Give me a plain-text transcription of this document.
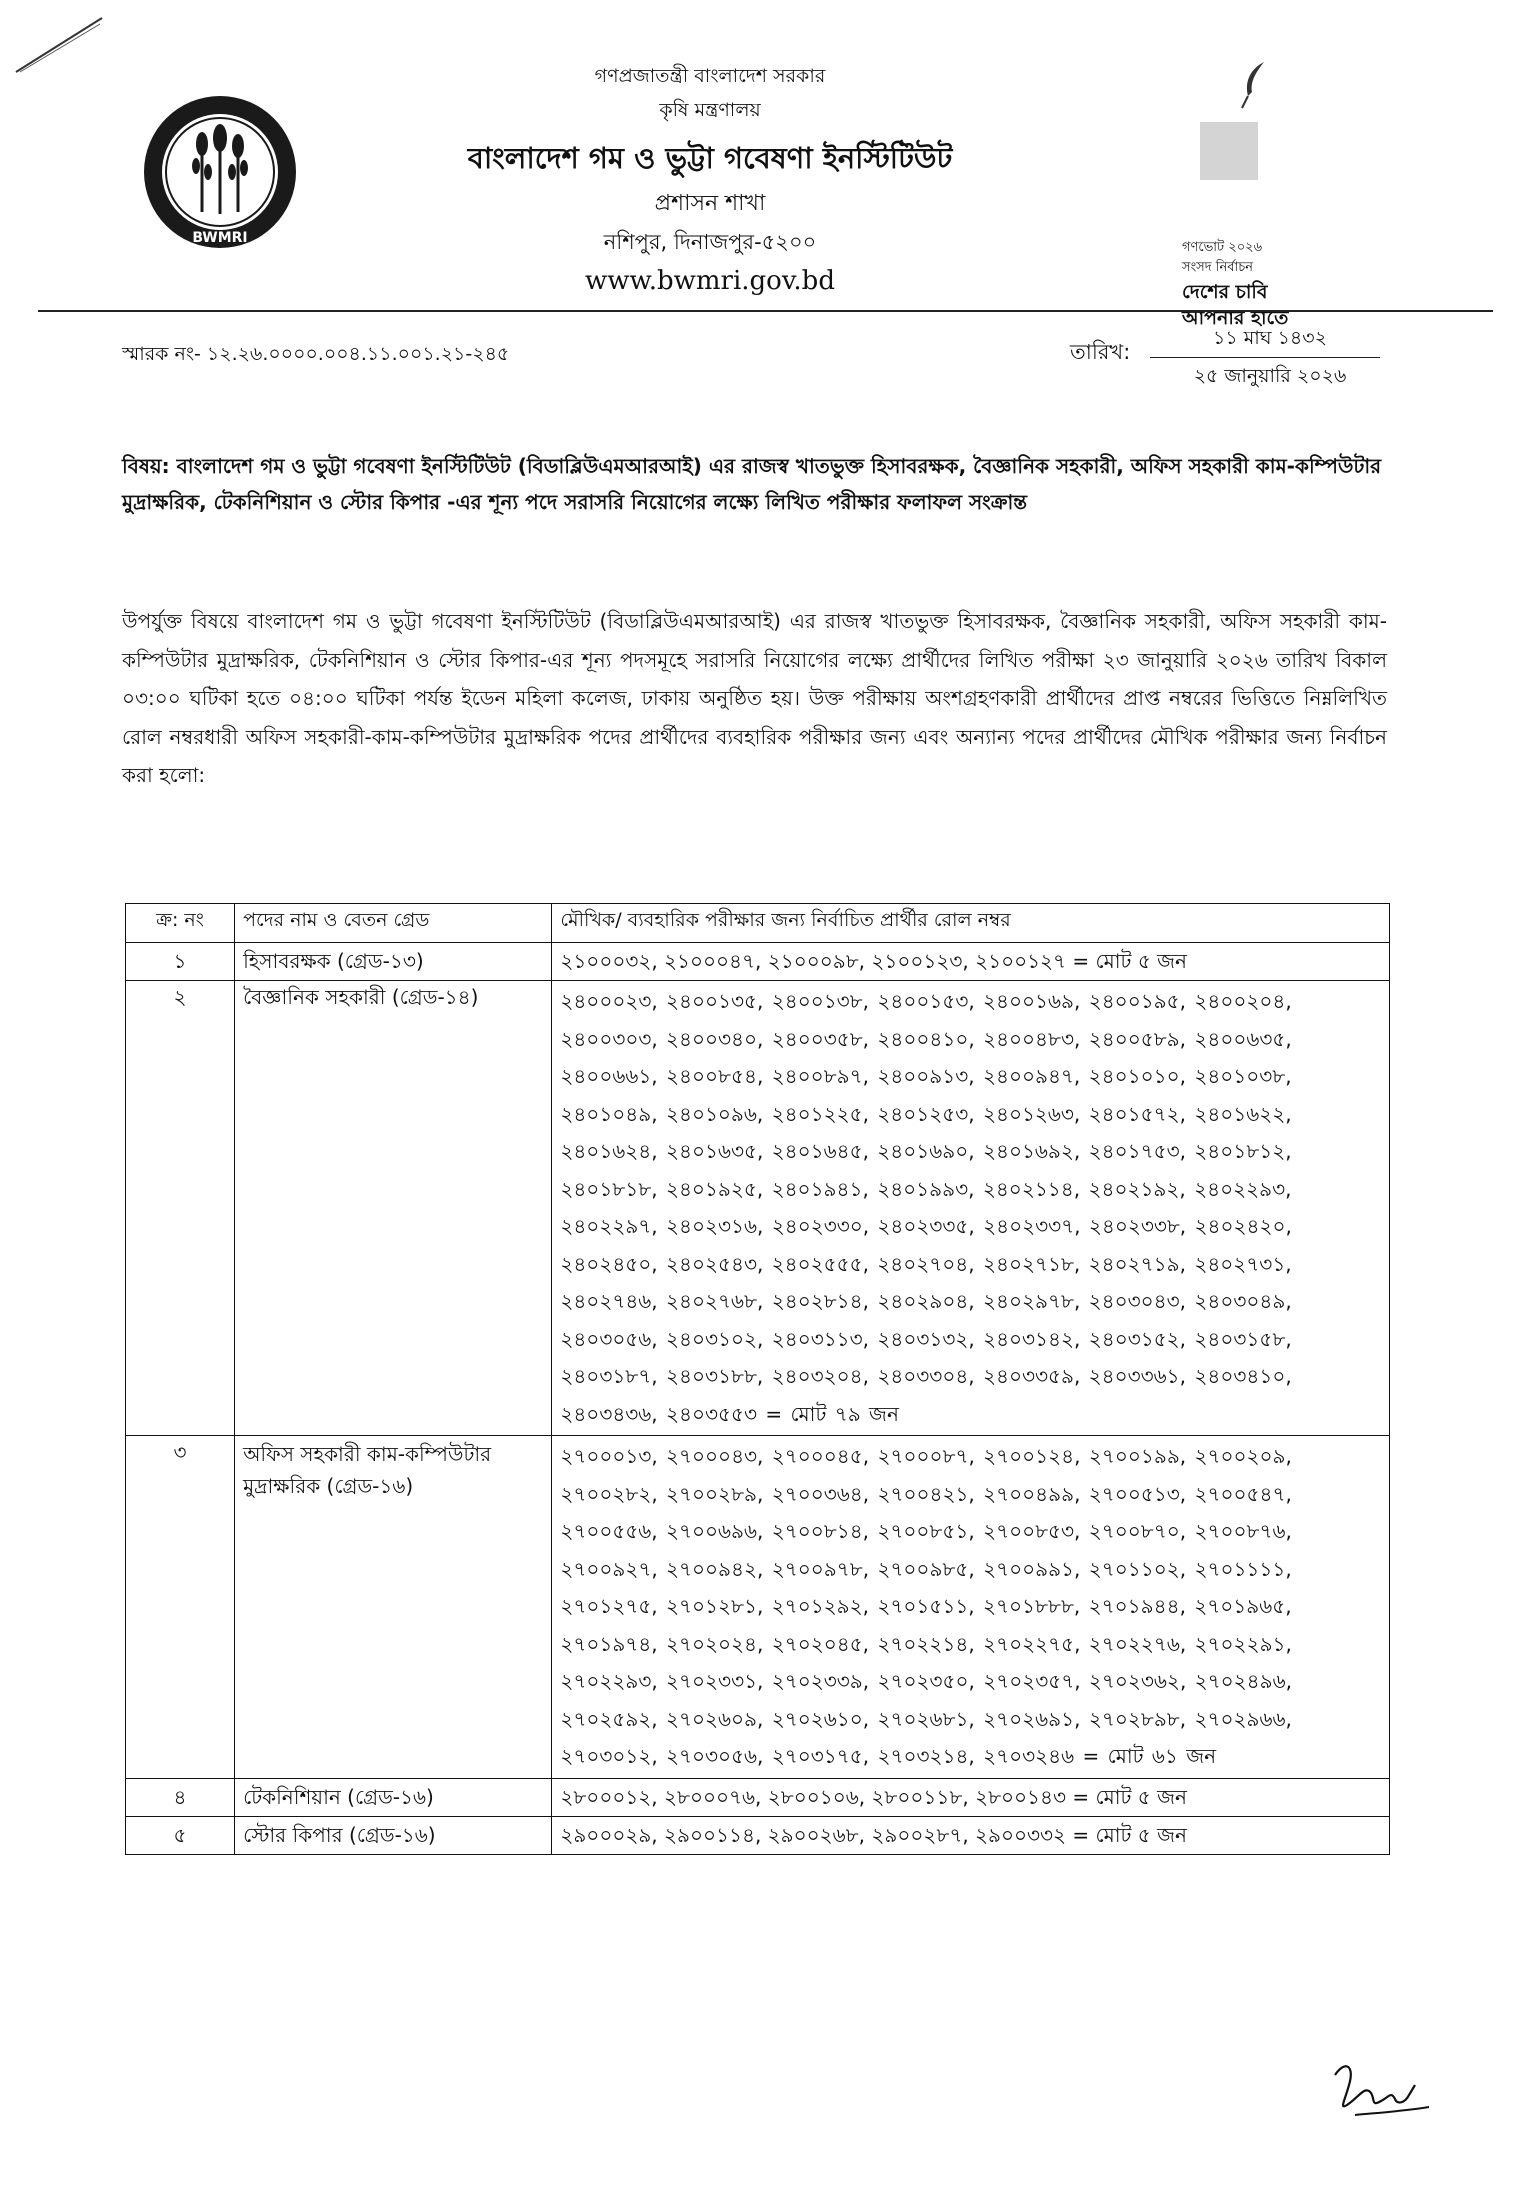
BWMRI
গণপ্রজাতন্ত্রী বাংলাদেশ সরকার
কৃষি মন্ত্রণালয়
বাংলাদেশ গম ও ভুট্টা গবেষণা ইনস্টিটিউট
প্রশাসন শাখা
নশিপুর, দিনাজপুর-৫২০০
www.bwmri.gov.bd
গণভোট ২০২৬
সংসদ নির্বাচন
দেশের চাবি
আপনার হাতে
স্মারক নং- ১২.২৬.০০০০.০০৪.১১.০০১.২১-২৪৫	তারিখ:
১১ মাঘ ১৪৩২
২৫ জানুয়ারি ২০২৬
বিষয়: বাংলাদেশ গম ও ভুট্টা গবেষণা ইনস্টিটিউট (বিডাব্লিউএমআরআই) এর রাজস্ব খাতভুক্ত হিসাবরক্ষক, বৈজ্ঞানিক সহকারী, অফিস সহকারী কাম-কম্পিউটার মুদ্রাক্ষরিক, টেকনিশিয়ান ও স্টোর কিপার -এর শূন্য পদে সরাসরি নিয়োগের লক্ষ্যে লিখিত পরীক্ষার ফলাফল সংক্রান্ত
উপর্যুক্ত বিষয়ে বাংলাদেশ গম ও ভুট্টা গবেষণা ইনস্টিটিউট (বিডাব্লিউএমআরআই) এর রাজস্ব খাতভুক্ত হিসাবরক্ষক, বৈজ্ঞানিক সহকারী, অফিস সহকারী কাম-কম্পিউটার মুদ্রাক্ষরিক, টেকনিশিয়ান ও স্টোর কিপার-এর শূন্য পদসমূহে সরাসরি নিয়োগের লক্ষ্যে প্রার্থীদের লিখিত পরীক্ষা ২৩ জানুয়ারি ২০২৬ তারিখ বিকাল ০৩:০০ ঘটিকা হতে ০৪:০০ ঘটিকা পর্যন্ত ইডেন মহিলা কলেজ, ঢাকায় অনুষ্ঠিত হয়। উক্ত পরীক্ষায় অংশগ্রহণকারী প্রার্থীদের প্রাপ্ত নম্বরের ভিত্তিতে নিম্নলিখিত রোল নম্বরধারী অফিস সহকারী-কাম-কম্পিউটার মুদ্রাক্ষরিক পদের প্রার্থীদের ব্যবহারিক পরীক্ষার জন্য এবং অন্যান্য পদের প্রার্থীদের মৌখিক পরীক্ষার জন্য নির্বাচন করা হলো:
ক্র: নং	পদের নাম ও বেতন গ্রেড	মৌখিক/ ব্যবহারিক পরীক্ষার জন্য নির্বাচিত প্রার্থীর রোল নম্বর
১	হিসাবরক্ষক (গ্রেড-১৩)	২১০০০৩২, ২১০০০৪৭, ২১০০০৯৮, ২১০০১২৩, ২১০০১২৭ = মোট ৫ জন
২	বৈজ্ঞানিক সহকারী (গ্রেড-১৪)	২৪০০০২৩, ২৪০০১৩৫, ২৪০০১৩৮, ২৪০০১৫৩, ২৪০০১৬৯, ২৪০০১৯৫, ২৪০০২০৪, ২৪০০৩০৩, ২৪০০৩৪০, ২৪০০৩৫৮, ২৪০০৪১০, ২৪০০৪৮৩, ২৪০০৫৮৯, ২৪০০৬৩৫, ২৪০০৬৬১, ২৪০০৮৫৪, ২৪০০৮৯৭, ২৪০০৯১৩, ২৪০০৯৪৭, ২৪০১০১০, ২৪০১০৩৮, ২৪০১০৪৯, ২৪০১০৯৬, ২৪০১২২৫, ২৪০১২৫৩, ২৪০১২৬৩, ২৪০১৫৭২, ২৪০১৬২২, ২৪০১৬২৪, ২৪০১৬৩৫, ২৪০১৬৪৫, ২৪০১৬৯০, ২৪০১৬৯২, ২৪০১৭৫৩, ২৪০১৮১২, ২৪০১৮১৮, ২৪০১৯২৫, ২৪০১৯৪১, ২৪০১৯৯৩, ২৪০২১১৪, ২৪০২১৯২, ২৪০২২৯৩, ২৪০২২৯৭, ২৪০২৩১৬, ২৪০২৩৩০, ২৪০২৩৩৫, ২৪০২৩৩৭, ২৪০২৩৩৮, ২৪০২৪২০, ২৪০২৪৫০, ২৪০২৫৪৩, ২৪০২৫৫৫, ২৪০২৭০৪, ২৪০২৭১৮, ২৪০২৭১৯, ২৪০২৭৩১, ২৪০২৭৪৬, ২৪০২৭৬৮, ২৪০২৮১৪, ২৪০২৯০৪, ২৪০২৯৭৮, ২৪০৩০৪৩, ২৪০৩০৪৯, ২৪০৩০৫৬, ২৪০৩১০২, ২৪০৩১১৩, ২৪০৩১৩২, ২৪০৩১৪২, ২৪০৩১৫২, ২৪০৩১৫৮, ২৪০৩১৮৭, ২৪০৩১৮৮, ২৪০৩২০৪, ২৪০৩৩০৪, ২৪০৩৩৫৯, ২৪০৩৩৬১, ২৪০৩৪১০, ২৪০৩৪৩৬, ২৪০৩৫৫৩ = মোট ৭৯ জন
৩	অফিস সহকারী কাম-কম্পিউটার মুদ্রাক্ষরিক (গ্রেড-১৬)	২৭০০০১৩, ২৭০০০৪৩, ২৭০০০৪৫, ২৭০০০৮৭, ২৭০০১২৪, ২৭০০১৯৯, ২৭০০২০৯, ২৭০০২৮২, ২৭০০২৮৯, ২৭০০৩৬৪, ২৭০০৪২১, ২৭০০৪৯৯, ২৭০০৫১৩, ২৭০০৫৪৭, ২৭০০৫৫৬, ২৭০০৬৯৬, ২৭০০৮১৪, ২৭০০৮৫১, ২৭০০৮৫৩, ২৭০০৮৭০, ২৭০০৮৭৬, ২৭০০৯২৭, ২৭০০৯৪২, ২৭০০৯৭৮, ২৭০০৯৮৫, ২৭০০৯৯১, ২৭০১১০২, ২৭০১১১১, ২৭০১২৭৫, ২৭০১২৮১, ২৭০১২৯২, ২৭০১৫১১, ২৭০১৮৮৮, ২৭০১৯৪৪, ২৭০১৯৬৫, ২৭০১৯৭৪, ২৭০২০২৪, ২৭০২০৪৫, ২৭০২২১৪, ২৭০২২৭৫, ২৭০২২৭৬, ২৭০২২৯১, ২৭০২২৯৩, ২৭০২৩৩১, ২৭০২৩৩৯, ২৭০২৩৫০, ২৭০২৩৫৭, ২৭০২৩৬২, ২৭০২৪৯৬, ২৭০২৫৯২, ২৭০২৬০৯, ২৭০২৬১০, ২৭০২৬৮১, ২৭০২৬৯১, ২৭০২৮৯৮, ২৭০২৯৬৬, ২৭০৩০১২, ২৭০৩০৫৬, ২৭০৩১৭৫, ২৭০৩২১৪, ২৭০৩২৪৬ = মোট ৬১ জন
৪	টেকনিশিয়ান (গ্রেড-১৬)	২৮০০০১২, ২৮০০০৭৬, ২৮০০১০৬, ২৮০০১১৮, ২৮০০১৪৩ = মোট ৫ জন
৫	স্টোর কিপার (গ্রেড-১৬)	২৯০০০২৯, ২৯০০১১৪, ২৯০০২৬৮, ২৯০০২৮৭, ২৯০০৩৩২ = মোট ৫ জন
